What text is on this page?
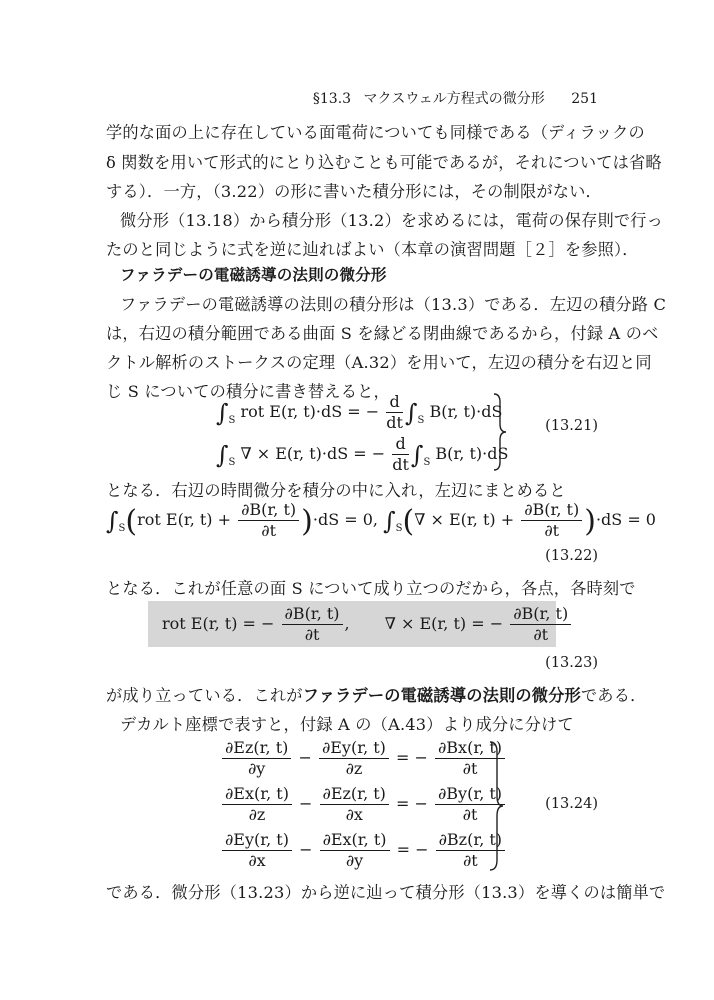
§13.3 マクスウェル方程式の微分形 251
学的な面の上に存在している面電荷についても同様である（ディラックの
δ 関数を用いて形式的にとり込むことも可能であるが，それについては省略
する）．一方，（3.22）の形に書いた積分形には，その制限がない．
微分形（13.18）から積分形（13.2）を求めるには，電荷の保存則で行っ
たのと同じように式を逆に辿ればよい（本章の演習問題［２］を参照）．
ファラデーの電磁誘導の法則の微分形
ファラデーの電磁誘導の法則の積分形は（13.3）である．左辺の積分路 C
は，右辺の積分範囲である曲面 S を縁どる閉曲線であるから，付録 A のベ
クトル解析のストークスの定理（A.32）を用いて，左辺の積分を右辺と同
じ S についての積分に書き替えると，
$\int_S$ rot E(r, t)·dS = − $\frac{d}{dt} \int_S$ B(r, t)·dS
$\int_S$ ∇ × E(r, t)·dS = − $\frac{d}{dt} \int_S$ B(r, t)·dS
(13.21)
となる．右辺の時間微分を積分の中に入れ，左辺にまとめると
$\int_S(rot$ E(r, $t) + \frac{\partial B(r, t)}{\partial t} )\cdot dS = 0$, $\int_S(\nabla \times E(r$, $t) + \frac{\partial B(r, t)}{\partial t} )\cdot dS = 0$
(13.22)
となる．これが任意の面 S について成り立つのだから，各点，各時刻で
rot E(r, t) = − $\frac{\partial B(r, t)}{\partial t}$ , ∇ × E(r, t) = − $\frac{\partial B(r, t)}{\partial t}$
(13.23)
が成り立っている．これがファラデーの電磁誘導の法則の微分形である．
デカルト座標で表すと，付録 A の（A.43）より成分に分けて
$\frac{\partial Ez(r, t)}{\partial y} - \frac{\partial Ey(r, t)}{\partial z}$ = − $\frac{\partial Bx(r, t)}{\partial t}$
$\frac{\partial Ex(r, t)}{\partial z} - \frac{\partial Ez(r, t)}{\partial x}$ = − $\frac{\partial By(r, t)}{\partial t}$
$\frac{\partial Ey(r, t)}{\partial x} - \frac{\partial Ex(r, t)}{\partial y}$ = − $\frac{\partial Bz(r, t)}{\partial t}$
(13.24)
である．微分形（13.23）から逆に辿って積分形（13.3）を導くのは簡単で
